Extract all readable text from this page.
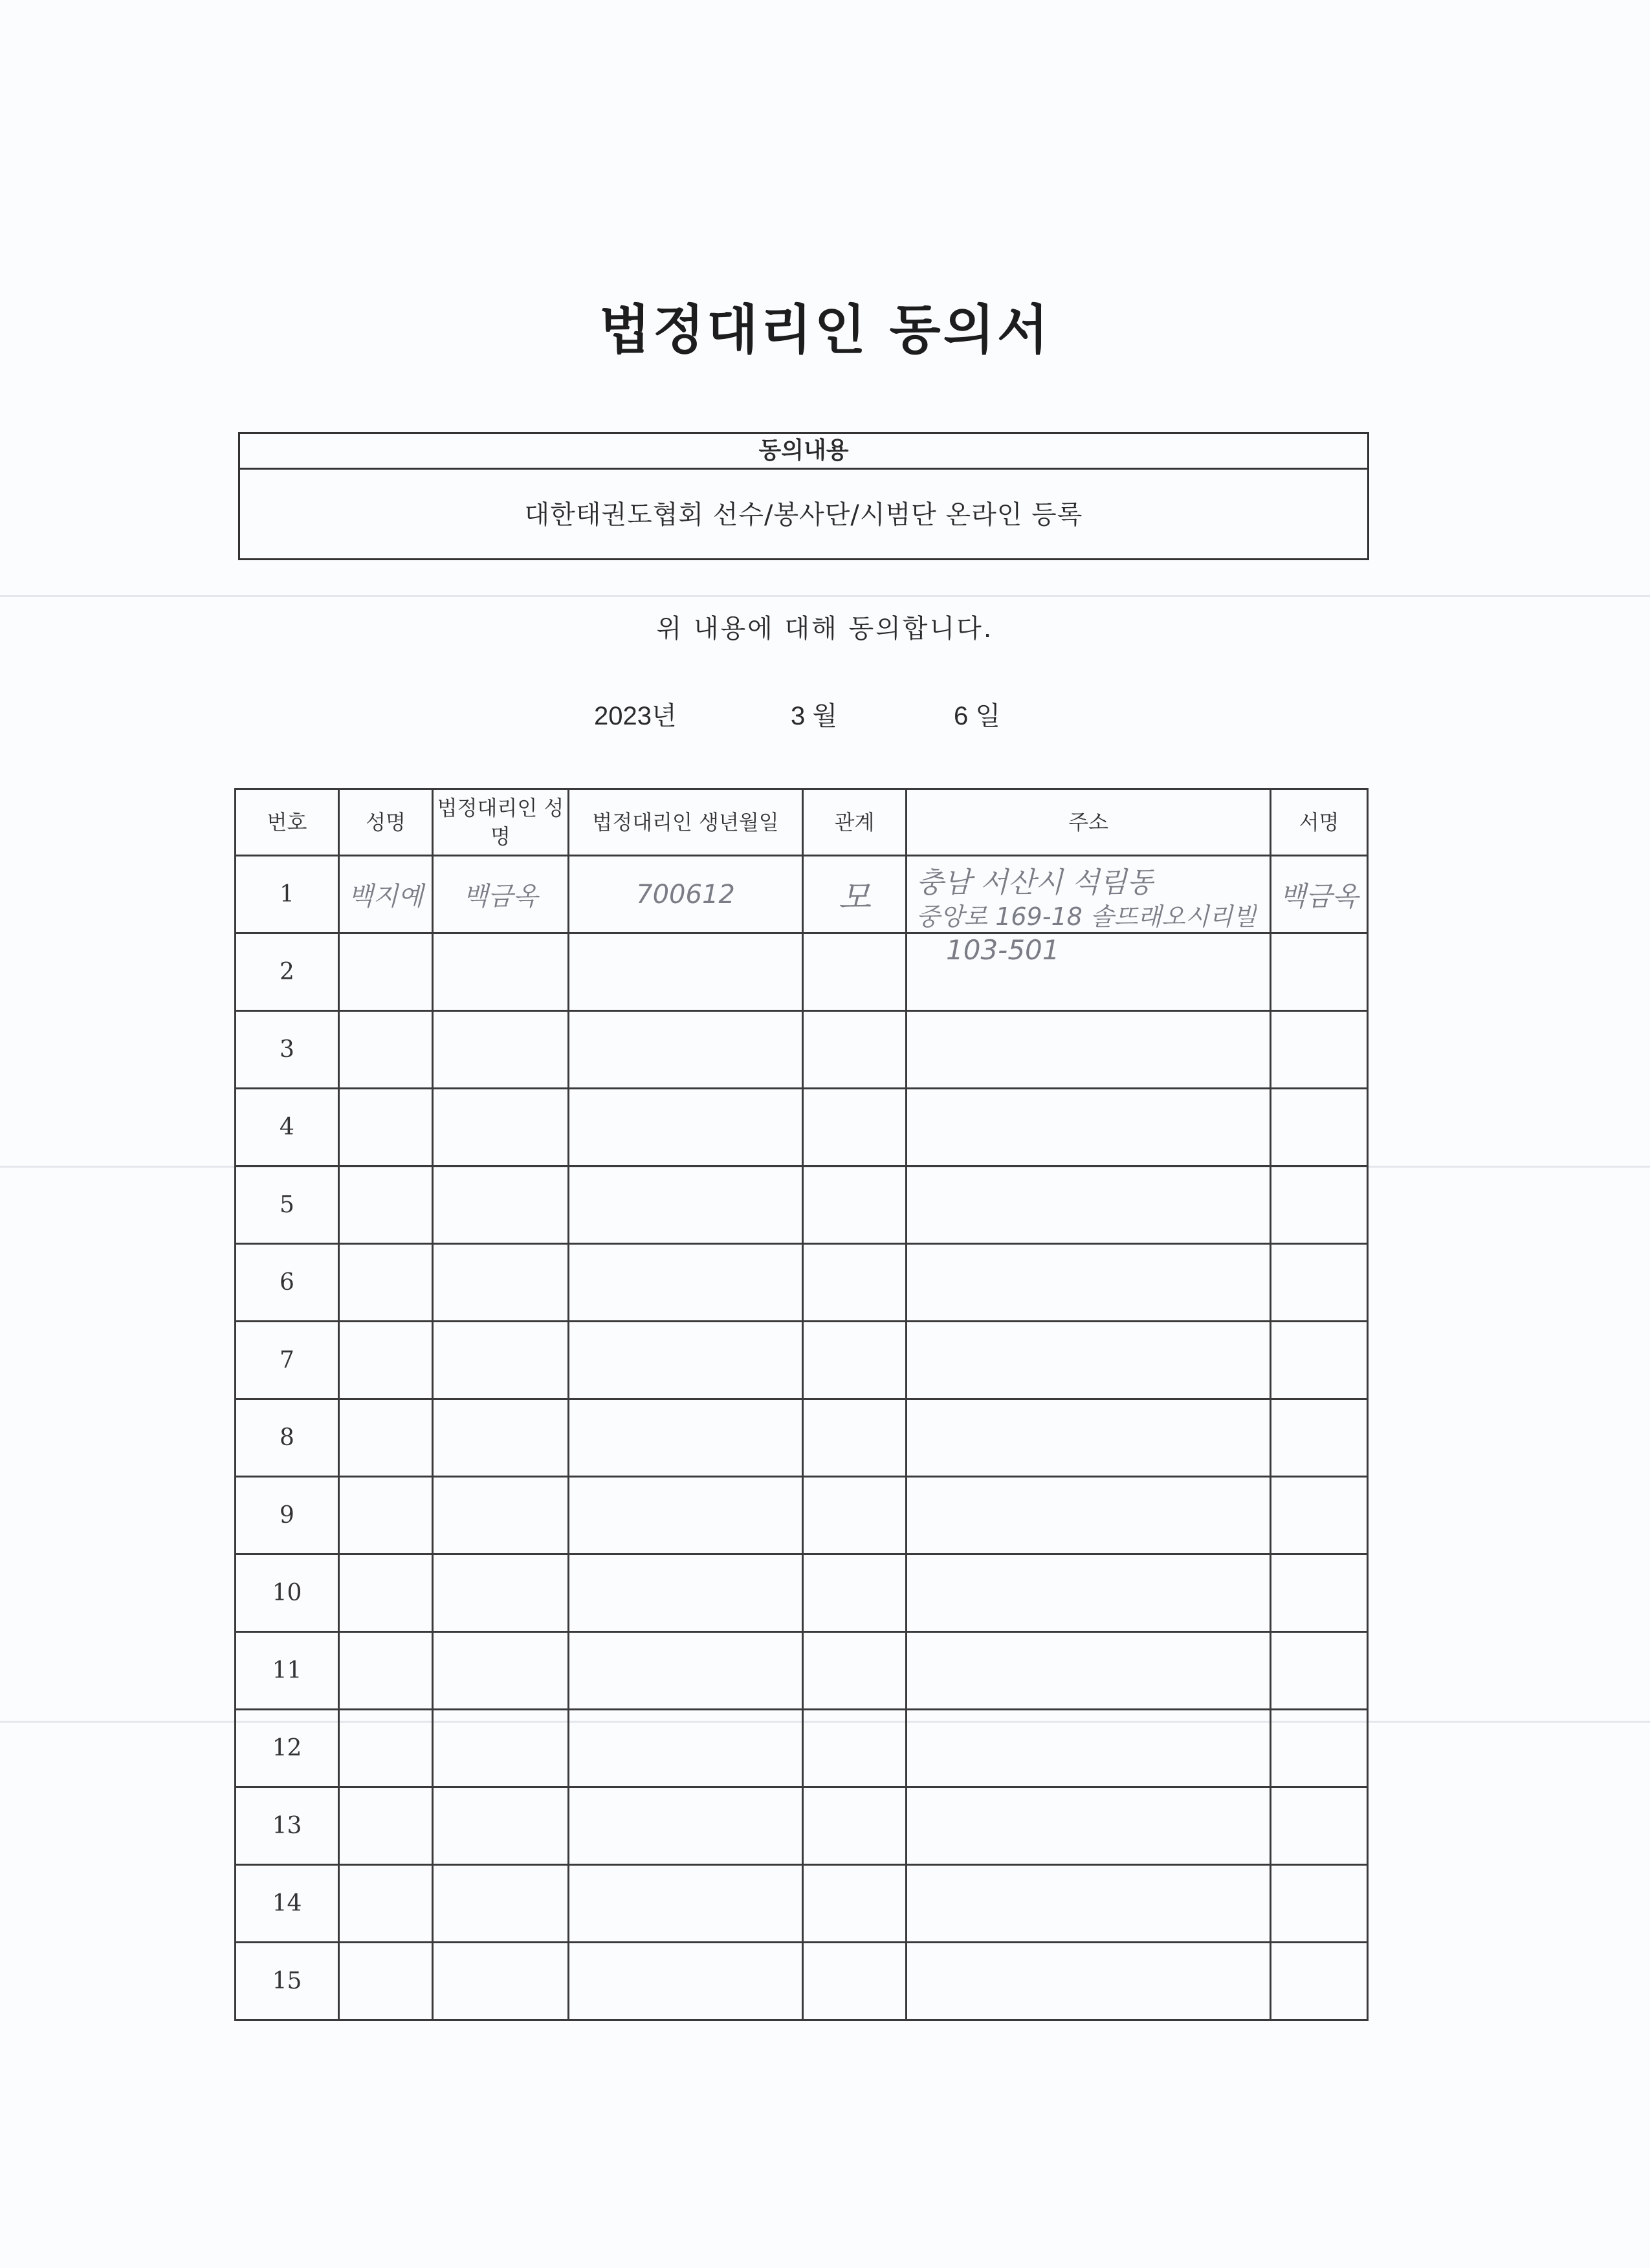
법정대리인 동의서
동의내용
대한태권도협회 선수/봉사단/시범단 온라인 등록
위 내용에 대해 동의합니다.
2023년	3 월	6 일
번호	성명	법정대리인 성명	법정대리인 생년월일	관계	주소	서명
1	백지예	백금옥	700612	모	충남 서산시 석림동
중앙로 169-18 솔뜨래오시리빌
103-501	백금옥

2						
3						
4						
5						
6						
7						
8						
9						
10						
11						
12						
13						
14						
15						
